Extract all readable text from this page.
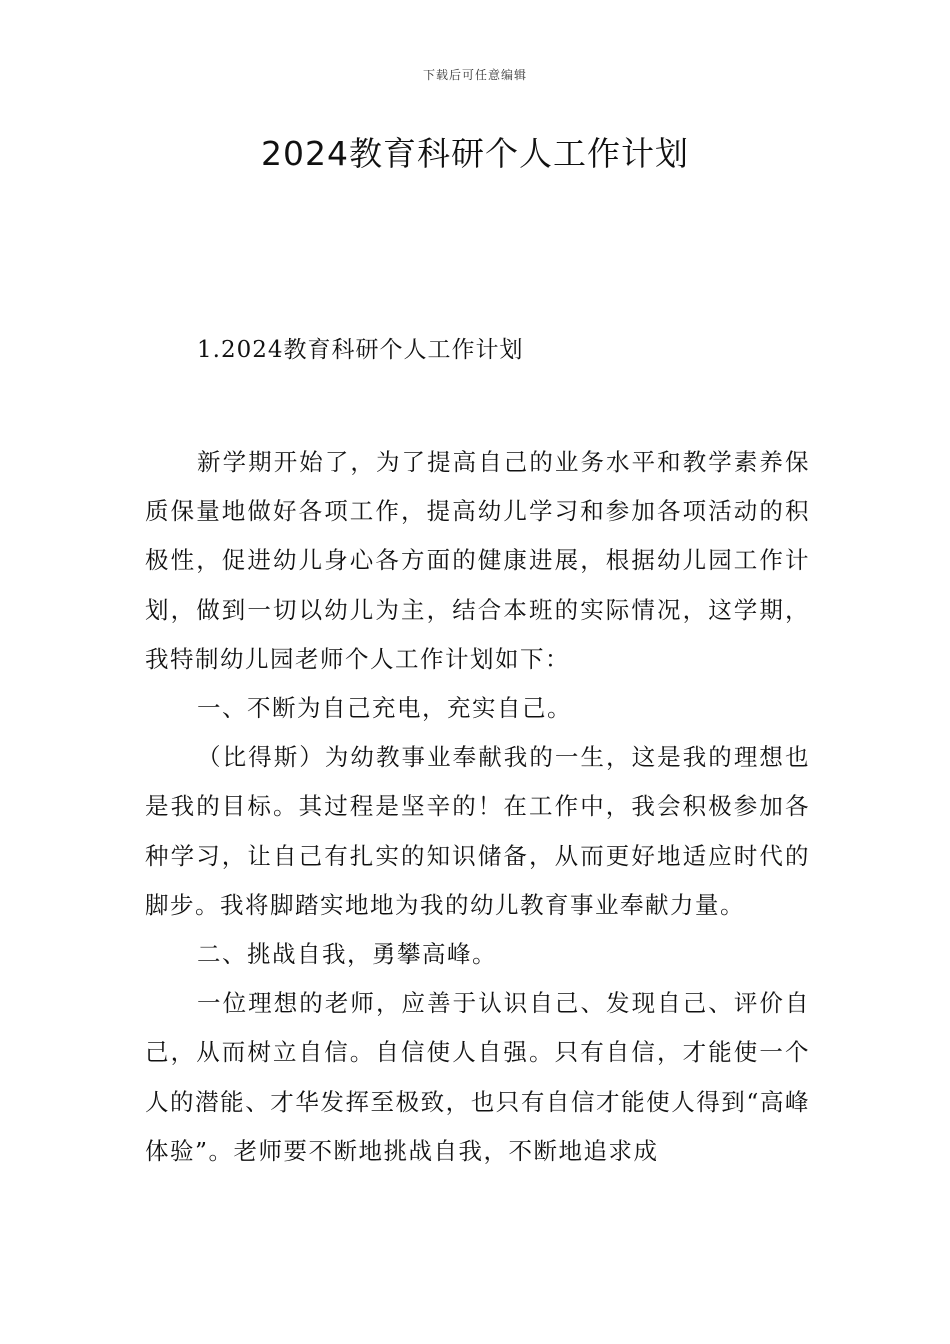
下载后可任意编辑
2024教育科研个人工作计划
1.2024教育科研个人工作计划

新学期开始了，为了提高自己的业务水平和教学素养保质保量地做好各项工作，提高幼儿学习和参加各项活动的积极性，促进幼儿身心各方面的健康进展，根据幼儿园工作计划，做到一切以幼儿为主，结合本班的实际情况，这学期，我特制幼儿园老师个人工作计划如下：

一、不断为自己充电，充实自己。

（比得斯）为幼教事业奉献我的一生，这是我的理想也是我的目标。其过程是坚辛的！在工作中，我会积极参加各种学习，让自己有扎实的知识储备，从而更好地适应时代的脚步。我将脚踏实地地为我的幼儿教育事业奉献力量。

二、挑战自我，勇攀高峰。

一位理想的老师，应善于认识自己、发现自己、评价自己，从而树立自信。自信使人自强。只有自信，才能使一个人的潜能、才华发挥至极致，也只有自信才能使人得到“高峰体验”。老师要不断地挑战自我，不断地追求成
